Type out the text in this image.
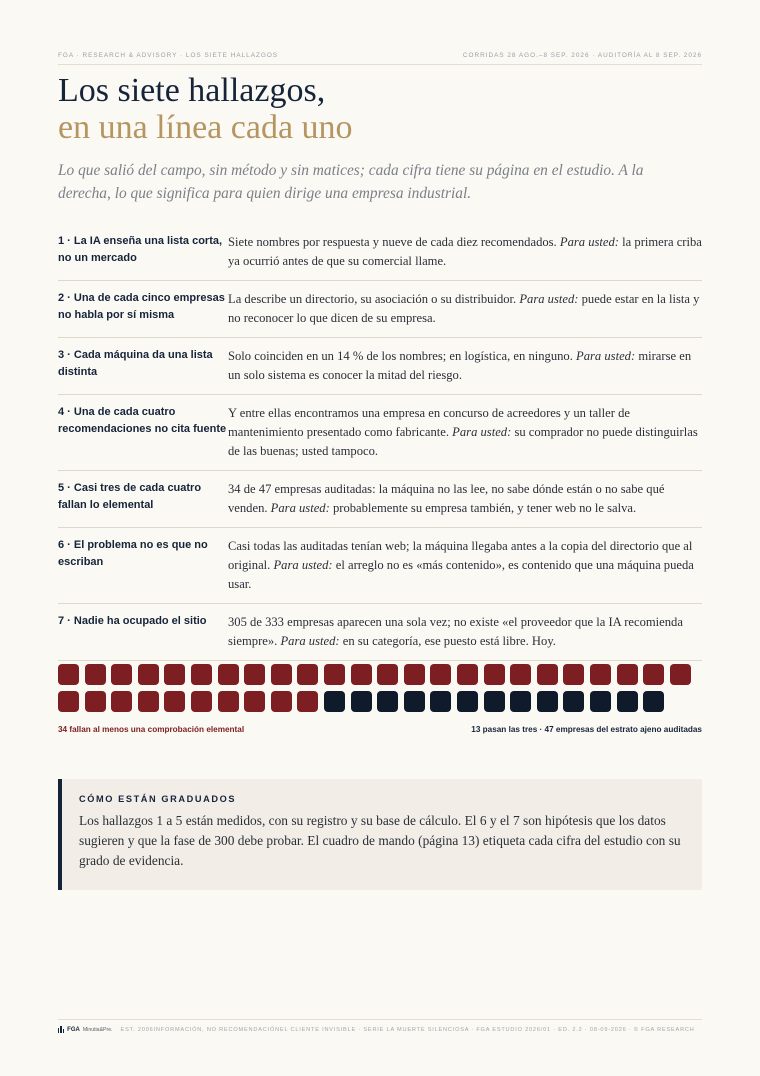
FGA · RESEARCH & ADVISORY · LOS SIETE HALLAZGOS	CORRIDAS 28 AGO.–8 SEP. 2026 · AUDITORÍA AL 8 SEP. 2026
Los siete hallazgos,
en una línea cada uno

Lo que salió del campo, sin método y sin matices; cada cifra tiene su página en el estudio. A la derecha, lo que significa para quien dirige una empresa industrial.

1 · La IA enseña una lista corta, no un mercado
Siete nombres por respuesta y nueve de cada diez recomendados. Para usted: la primera criba ya ocurrió antes de que su comercial llame.
2 · Una de cada cinco empresas no habla por sí misma
La describe un directorio, su asociación o su distribuidor. Para usted: puede estar en la lista y no reconocer lo que dicen de su empresa.
3 · Cada máquina da una lista distinta
Solo coinciden en un 14 % de los nombres; en logística, en ninguno. Para usted: mirarse en un solo sistema es conocer la mitad del riesgo.
4 · Una de cada cuatro recomendaciones no cita fuente
Y entre ellas encontramos una empresa en concurso de acreedores y un taller de mantenimiento presentado como fabricante. Para usted: su comprador no puede distinguirlas de las buenas; usted tampoco.
5 · Casi tres de cada cuatro fallan lo elemental
34 de 47 empresas auditadas: la máquina no las lee, no sabe dónde están o no sabe qué venden. Para usted: probablemente su empresa también, y tener web no le salva.
6 · El problema no es que no escriban
Casi todas las auditadas tenían web; la máquina llegaba antes a la copia del directorio que al original. Para usted: el arreglo no es «más contenido», es contenido que una máquina pueda usar.
7 · Nadie ha ocupado el sitio	305 de 333 empresas aparecen una sola vez; no existe «el proveedor que la IA recomienda siempre». Para usted: en su categoría, ese puesto está libre. Hoy.
34 fallan al menos una comprobación elemental	13 pasan las tres · 47 empresas del estrato ajeno auditadas

CÓMO ESTÁN GRADUADOS

Los hallazgos 1 a 5 están medidos, con su registro y su base de cálculo. El 6 y el 7 son hipótesis que los datos sugieren y que la fase de 300 debe probar. El cuadro de mando (página 13) etiqueta cada cifra del estudio con su grado de evidencia.

FGA Minutia&Pre. EST. 2006INFORMACIÓN, NO RECOMENDACIÓNEL CLIENTE INVISIBLE · SERIE LA MUERTE SILENCIOSA · FGA ESTUDIO 2026/01 · ED. 2.2 · 08-09-2026 · © FGA RESEARCH
